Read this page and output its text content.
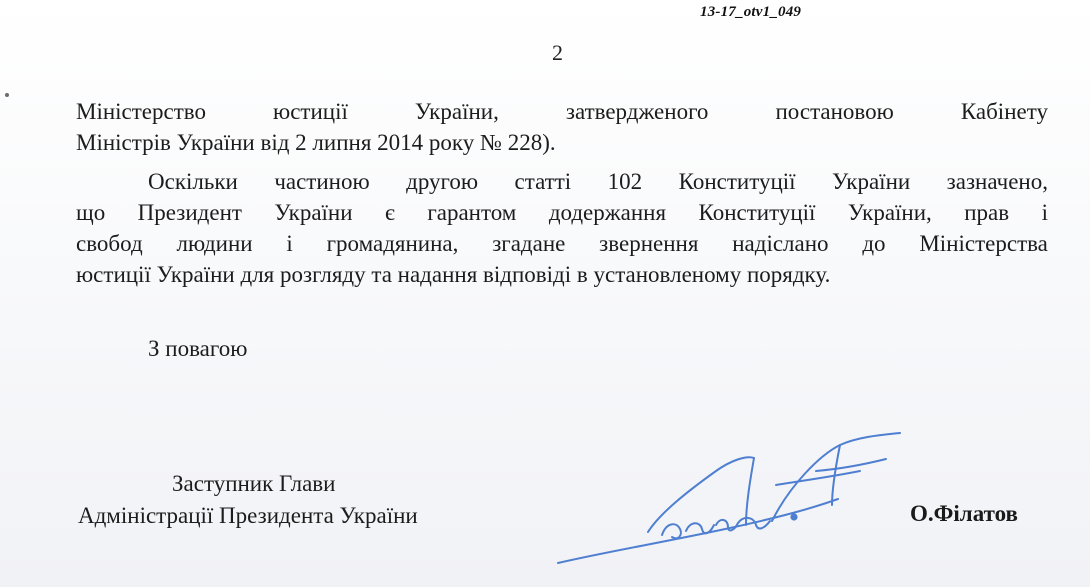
13-17_otv1_049
2
Міністерство	юстиції	України,	затвердженого	постановою	Кабінету
Міністрів України від 2 липня 2014 року № 228).
Оскільки частиною другою статті 102 Конституції України зазначено,
що Президент України є гарантом додержання Конституції України, прав і
свобод людини і громадянина, згадане звернення надіслано до Міністерства
юстиції України для розгляду та надання відповіді в установленому порядку.
З повагою
Заступник Глави
Адміністрації Президента України	О.Філатов
